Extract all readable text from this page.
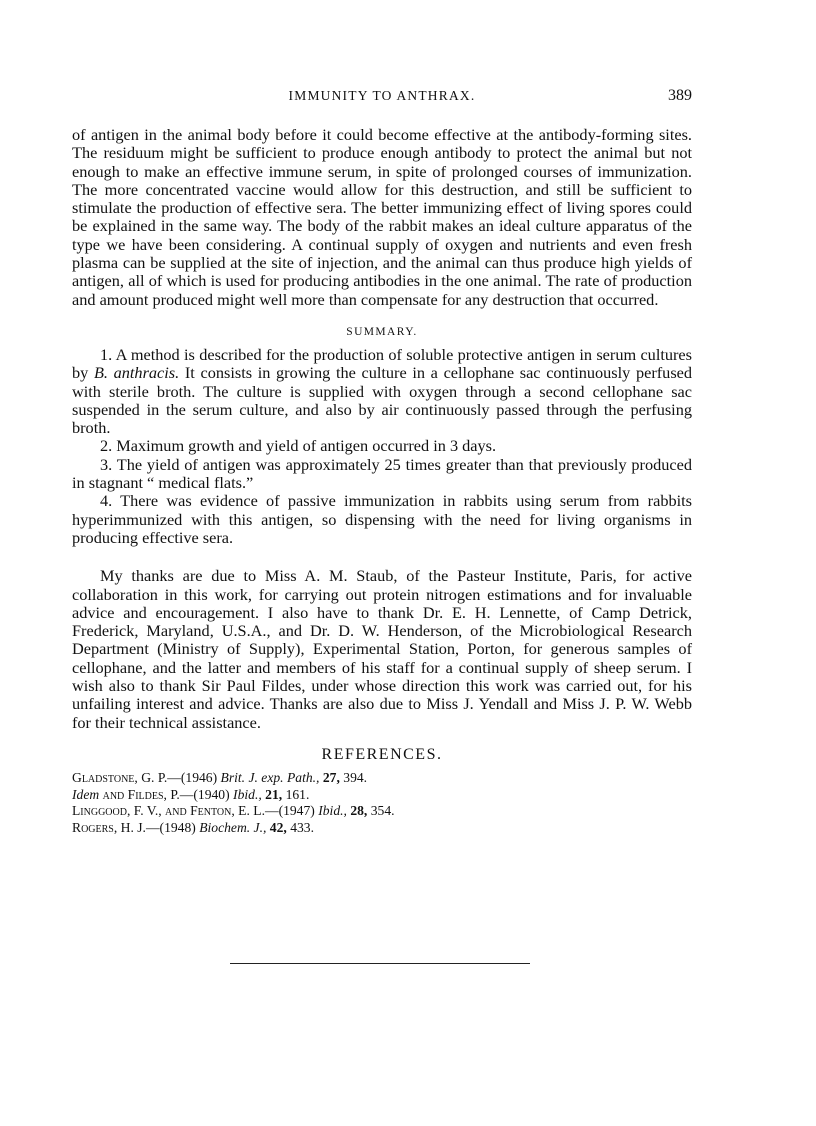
IMMUNITY TO ANTHRAX.	389

of antigen in the animal body before it could become effective at the antibody-forming sites. The residuum might be sufficient to produce enough antibody to protect the animal but not enough to make an effective immune serum, in spite of prolonged courses of immunization. The more concentrated vaccine would allow for this destruction, and still be sufficient to stimulate the production of effective sera. The better immunizing effect of living spores could be explained in the same way. The body of the rabbit makes an ideal culture apparatus of the type we have been considering. A continual supply of oxygen and nutrients and even fresh plasma can be supplied at the site of injection, and the animal can thus produce high yields of antigen, all of which is used for producing antibodies in the one animal. The rate of production and amount produced might well more than compensate for any destruction that occurred.

SUMMARY.

1. A method is described for the production of soluble protective antigen in serum cultures by B. anthracis. It consists in growing the culture in a cellophane sac continuously perfused with sterile broth. The culture is supplied with oxygen through a second cellophane sac suspended in the serum culture, and also by air continuously passed through the perfusing broth.

2. Maximum growth and yield of antigen occurred in 3 days.

3. The yield of antigen was approximately 25 times greater than that previously produced in stagnant “ medical flats.”

4. There was evidence of passive immunization in rabbits using serum from rabbits hyperimmunized with this antigen, so dispensing with the need for living organisms in producing effective sera.

My thanks are due to Miss A. M. Staub, of the Pasteur Institute, Paris, for active collaboration in this work, for carrying out protein nitrogen estimations and for invaluable advice and encouragement. I also have to thank Dr. E. H. Lennette, of Camp Detrick, Frederick, Maryland, U.S.A., and Dr. D. W. Henderson, of the Microbiological Research Department (Ministry of Supply), Experimental Station, Porton, for generous samples of cellophane, and the latter and members of his staff for a continual supply of sheep serum. I wish also to thank Sir Paul Fildes, under whose direction this work was carried out, for his unfailing interest and advice. Thanks are also due to Miss J. Yendall and Miss J. P. W. Webb for their technical assistance.

REFERENCES.
Gladstone, G. P.—(1946) Brit. J. exp. Path., 27, 394.
Idem and Fildes, P.—(1940) Ibid., 21, 161.
Linggood, F. V., and Fenton, E. L.—(1947) Ibid., 28, 354.
Rogers, H. J.—(1948) Biochem. J., 42, 433.
